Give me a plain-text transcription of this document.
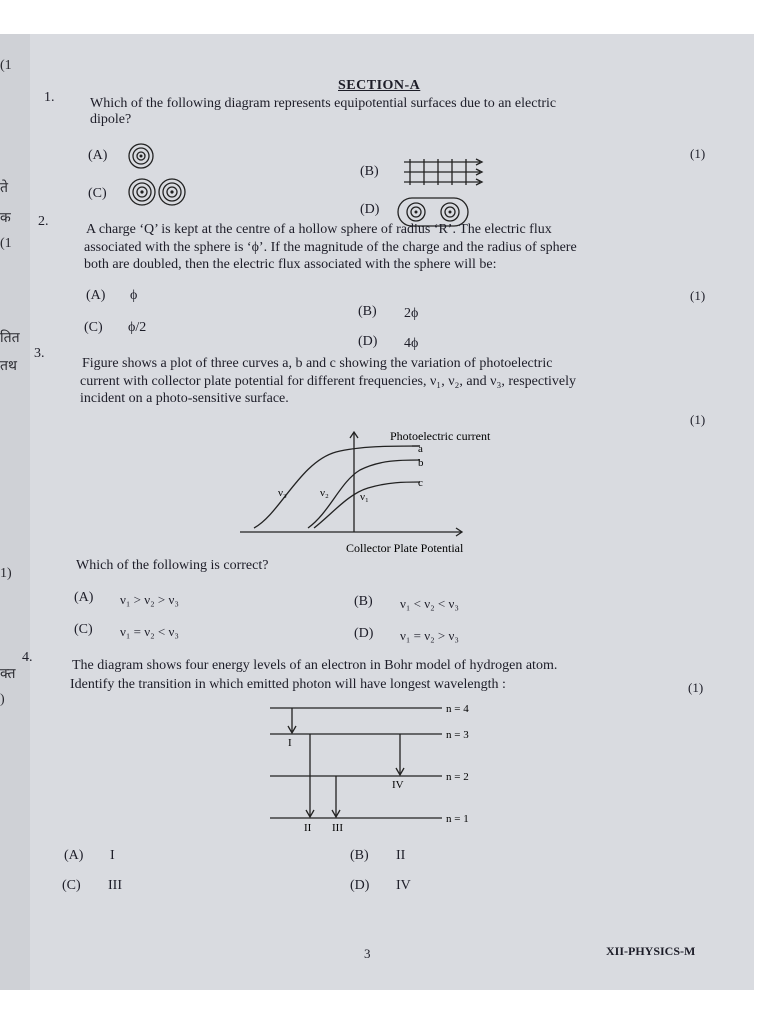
(1
ते
क
(1
तित
तथ
1)
क्त
)
SECTION-A
1.	Which of the following diagram represents equipotential surfaces due to an electric
dipole?
(1)
(A)
(B)
(C)
(D)
2.
A charge ‘Q’ is kept at the centre of a hollow sphere of radius ‘R’. The electric flux
associated with the sphere is ‘ϕ’. If the magnitude of the charge and the radius of sphere
both are doubled, then the electric flux associated with the sphere will be:
(1)
(A) ϕ
(B) 2ϕ
(C) ϕ/2
(D) 4ϕ
3.
Figure shows a plot of three curves a, b and c showing the variation of photoelectric
current with collector plate potential for different frequencies, ν₁, ν₂, and ν₃, respectively
incident on a photo-sensitive surface.
(1)
Photoelectric current
Collector Plate Potential
a
b
c
ν₃	ν₂	ν₁
Which of the following is correct?
(A) ν₁ > ν₂ > ν₃	(B) ν₁ < ν₂ < ν₃
(C) ν₁ = ν₂ < ν₃	(D) ν₁ = ν₂ > ν₃
4.
The diagram shows four energy levels of an electron in Bohr model of hydrogen atom.
Identify the transition in which emitted photon will have longest wavelength :	(1)
n = 4
n = 3
n = 2
n = 1
I
II III
IV
(A) I	(B) II
(C) III	(D) IV
3	XII-PHYSICS-M
